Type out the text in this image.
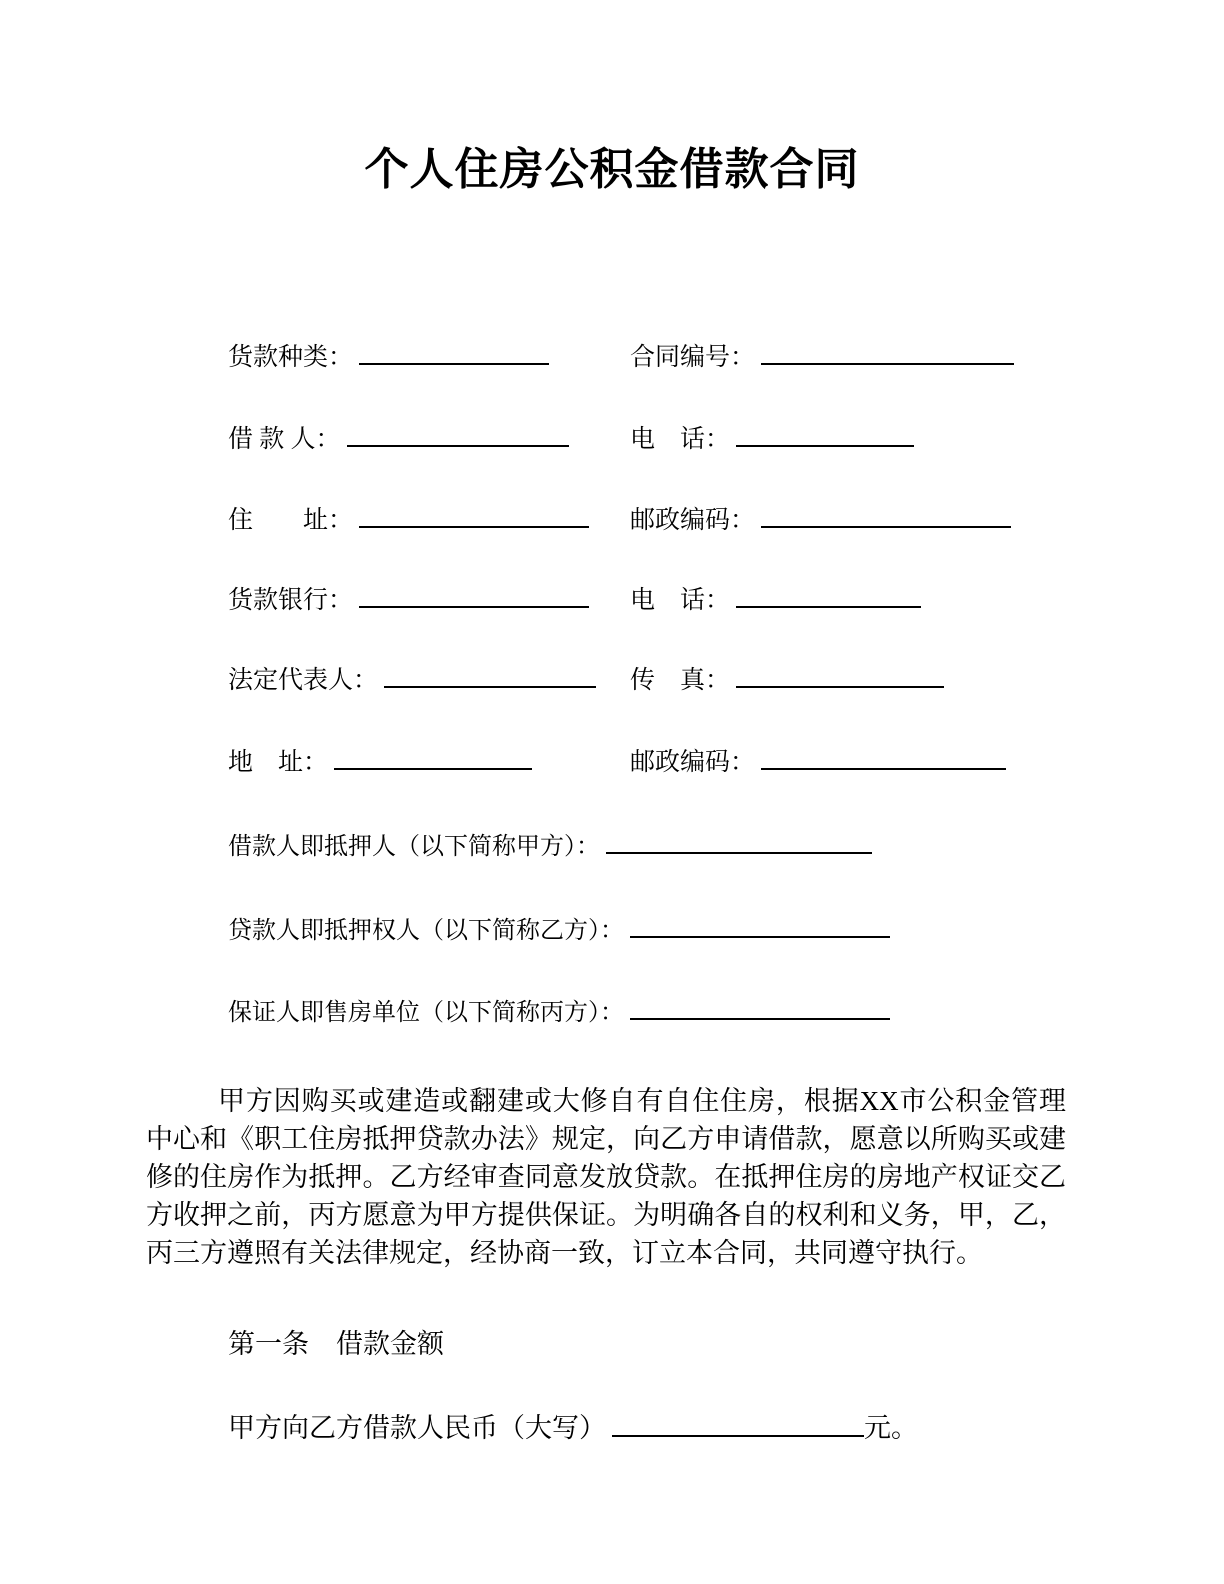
个人住房公积金借款合同
货款种类：	合同编号：
借 款 人：	电　话：
住　　址：	邮政编码：
货款银行：	电　话：
法定代表人：	传　真：
地　址：	邮政编码：
借款人即抵押人（以下简称甲方）：
贷款人即抵押权人（以下简称乙方）：
保证人即售房单位（以下简称丙方）：
甲方因购买或建造或翻建或大修自有自住住房，根据XX市公积金管理中心和《职工住房抵押贷款办法》规定，向乙方申请借款，愿意以所购买或建修的住房作为抵押。乙方经审查同意发放贷款。在抵押住房的房地产权证交乙方收押之前，丙方愿意为甲方提供保证。为明确各自的权利和义务，甲，乙，丙三方遵照有关法律规定，经协商一致，订立本合同，共同遵守执行。
第一条　借款金额
甲方向乙方借款人民币（大写）	元。
